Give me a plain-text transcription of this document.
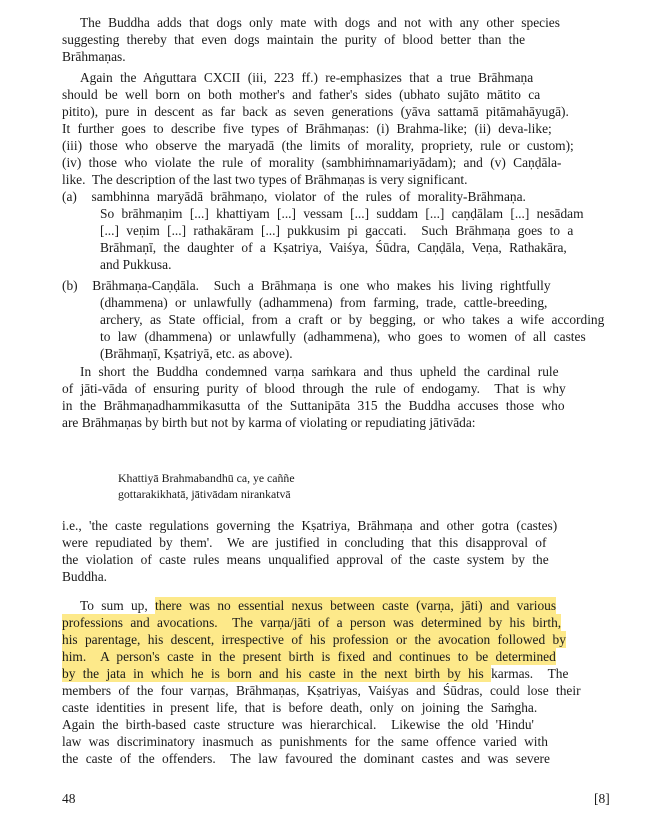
The Buddha adds that dogs only mate with dogs and not with any other species
suggesting thereby that even dogs maintain the purity of blood better than the
Brāhmaṇas.
Again the Aṅguttara CXCII (iii, 223 ff.) re-emphasizes that a true Brāhmaṇa
should be well born on both mother's and father's sides (ubhato sujāto mātito ca
pitito), pure in descent as far back as seven generations (yāva sattamā pitāmahāyugā).
It further goes to describe five types of Brāhmaṇas: (i) Brahma-like; (ii) deva-like;
(iii) those who observe the maryadā (the limits of morality, propriety, rule or custom);
(iv) those who violate the rule of morality (sambhiṁnamariyādam); and (v) Caṇḍāla-
like.  The description of the last two types of Brāhmaṇas is very significant.
(a)  sambhinna maryādā brāhmaṇo, violator of the rules of morality-Brāhmaṇa.
So brāhmaṇim [...] khattiyam [...] vessam [...] suddam [...] caṇḍālam [...] nesādam
[...] veṇim [...] rathakāram [...] pukkusim pi gaccati.  Such Brāhmaṇa goes to a
Brāhmaṇī, the daughter of a Kṣatriya, Vaiśya, Śūdra, Caṇḍāla, Veṇa, Rathakāra,
and Pukkusa.
(b)  Brāhmaṇa-Caṇḍāla.  Such a Brāhmaṇa is one who makes his living rightfully
(dhammena) or unlawfully (adhammena) from farming, trade, cattle-breeding,
archery, as State official, from a craft or by begging, or who takes a wife according
to law (dhammena) or unlawfully (adhammena), who goes to women of all castes
(Brāhmaṇī, Kṣatriyā, etc. as above).
In short the Buddha condemned varṇa saṁkara and thus upheld the cardinal rule
of jāti-vāda of ensuring purity of blood through the rule of endogamy.  That is why
in the Brāhmaṇadhammikasutta of the Suttanipāta 315 the Buddha accuses those who
are Brāhmaṇas by birth but not by karma of violating or repudiating jātivāda:
Khattiyā Brahmabandhū ca, ye caññe
gottarakikhatā, jātivādam nirankatvā
i.e., 'the caste regulations governing the Kṣatriya, Brāhmaṇa and other gotra (castes)
were repudiated by them'.  We are justified in concluding that this disapproval of
the violation of caste rules means unqualified approval of the caste system by the
Buddha.
To sum up, there was no essential nexus between caste (varṇa, jāti) and various
professions and avocations.  The varṇa/jāti of a person was determined by his birth,
his parentage, his descent, irrespective of his profession or the avocation followed by
him.  A person's caste in the present birth is fixed and continues to be determined
by the jata in which he is born and his caste in the next birth by his karmas.  The
members of the four varṇas, Brāhmaṇas, Kṣatriyas, Vaiśyas and Śūdras, could lose their
caste identities in present life, that is before death, only on joining the Saṁgha.
Again the birth-based caste structure was hierarchical.  Likewise the old 'Hindu'
law was discriminatory inasmuch as punishments for the same offence varied with
the caste of the offenders.  The law favoured the dominant castes and was severe
48	[8]
